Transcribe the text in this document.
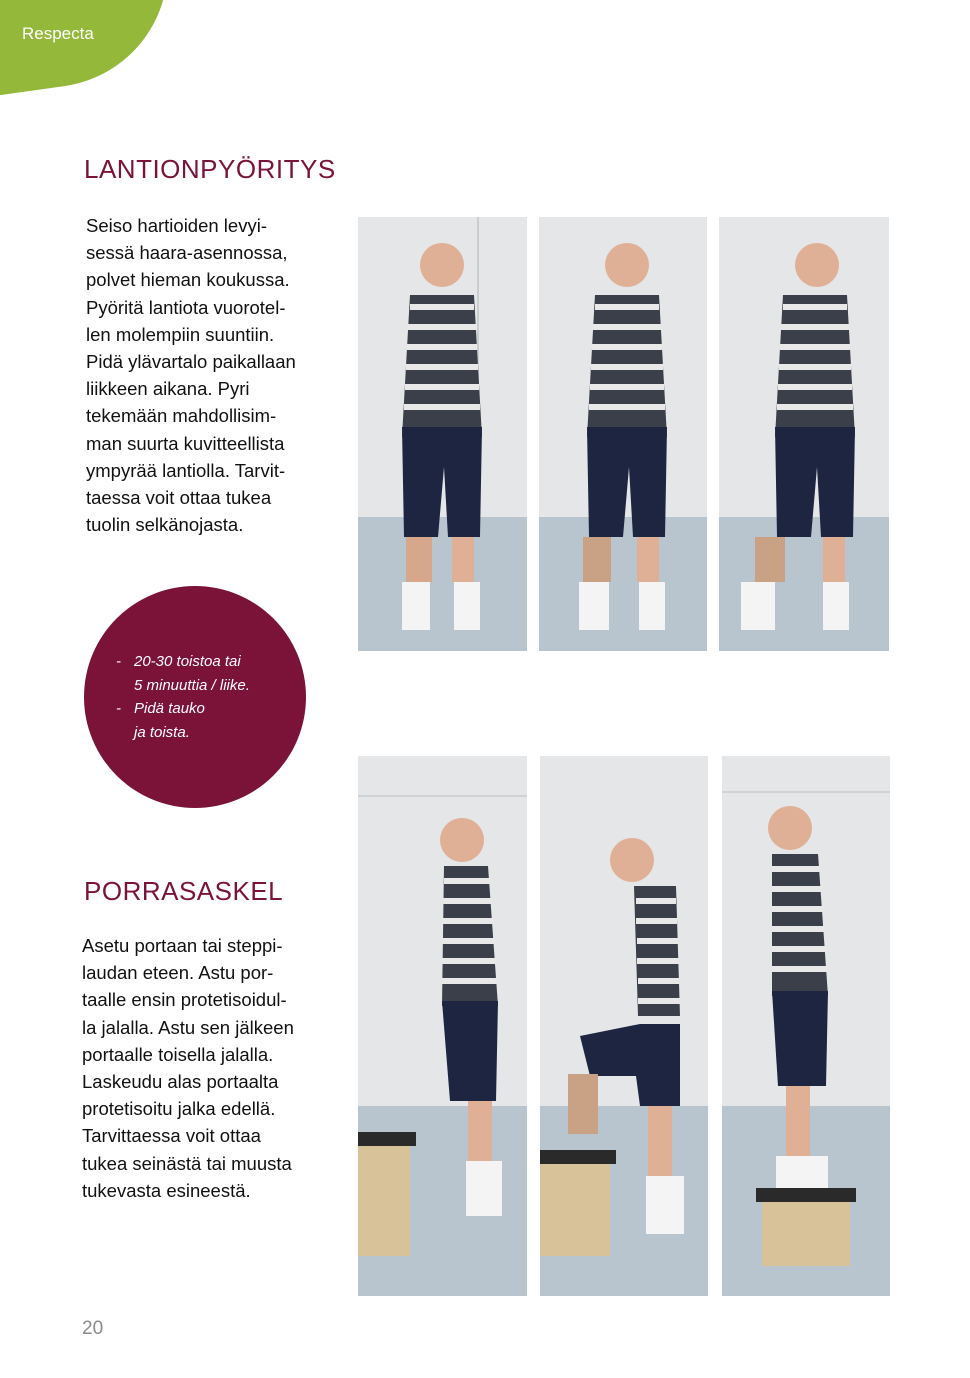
Respecta
LANTIONPYÖRITYS

Seiso hartioiden levyi-
sessä haara-asennossa,
polvet hieman koukussa.
Pyöritä lantiota vuorotel-
len molempiin suuntiin.
Pidä ylävartalo paikallaan
liikkeen aikana. Pyri
tekemään mahdollisim-
man suurta kuvitteellista
ympyrää lantiolla. Tarvit-
taessa voit ottaa tukea
tuolin selkänojasta.

- 20-30 toistoa tai
5 minuuttia / liike.
- Pidä tauko
ja toista.
PORRASASKEL

Asetu portaan tai steppi-
laudan eteen. Astu por-
taalle ensin protetisoidul-
la jalalla. Astu sen jälkeen
portaalle toisella jalalla.
Laskeudu alas portaalta
protetisoitu jalka edellä.
Tarvittaessa voit ottaa
tukea seinästä tai muusta
tukevasta esineestä.

20
